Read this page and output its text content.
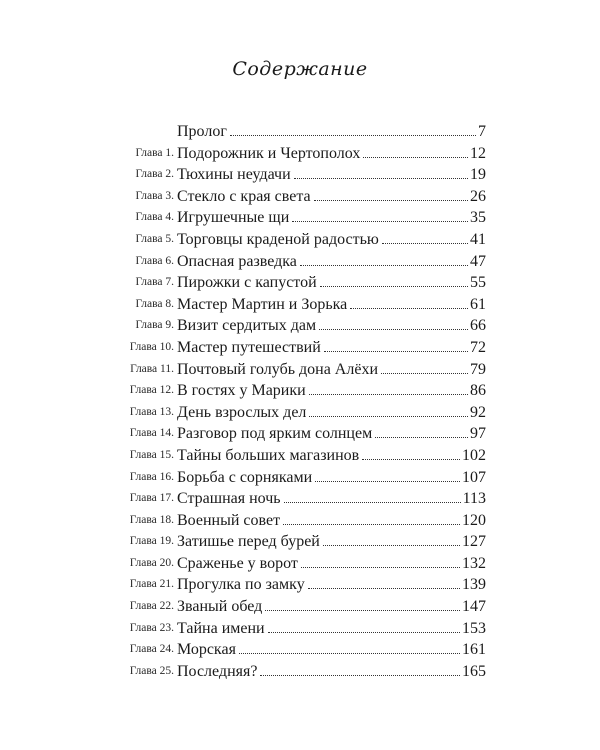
Содержание
Пролог	7
Глава 1. Подорожник и Чертополох	12
Глава 2. Тюхины неудачи	19
Глава 3. Стекло с края света	26
Глава 4. Игрушечные щи	35
Глава 5. Торговцы краденой радостью	41
Глава 6. Опасная разведка	47
Глава 7. Пирожки с капустой	55
Глава 8. Мастер Мартин и Зорька	61
Глава 9. Визит сердитых дам	66
Глава 10. Мастер путешествий	72
Глава 11. Почтовый голубь дона Алёхи	79
Глава 12. В гостях у Марики	86
Глава 13. День взрослых дел	92
Глава 14. Разговор под ярким солнцем	97
Глава 15. Тайны больших магазинов	102
Глава 16. Борьба с сорняками	107
Глава 17. Страшная ночь	113
Глава 18. Военный совет	120
Глава 19. Затишье перед бурей	127
Глава 20. Сраженье у ворот	132
Глава 21. Прогулка по замку	139
Глава 22. Званый обед	147
Глава 23. Тайна имени	153
Глава 24. Морская	161
Глава 25. Последняя?	165
